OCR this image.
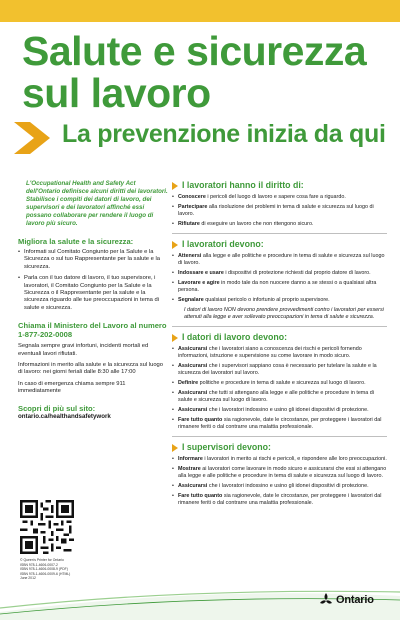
Salute e sicurezza
sul lavoro
La prevenzione inizia da qui

L'Occupational Health and Safety Act dell'Ontario definisce alcuni diritti dei lavoratori. Stabilisce i compiti dei datori di lavoro, dei supervisori e dei lavoratori affinché essi possano collaborare per rendere il luogo di lavoro più sicuro.

Migliora la salute e la sicurezza:
• Informati sul Comitato Congiunto per la Salute e la Sicurezza o sul tuo Rappresentante per la salute e la sicurezza.
• Parla con il tuo datore di lavoro, il tuo supervisore, i lavoratori, il Comitato Congiunto per la Salute e la Sicurezza o il Rappresentante per la salute e la sicurezza riguardo alle tue preoccupazioni in tema di salute e sicurezza.
Chiama il Ministero del Lavoro al numero 1-877-202-0008

Segnala sempre gravi infortuni, incidenti mortali ed eventuali lavori rifiutati.

Informazioni in merito alla salute e la sicurezza sul luogo di lavoro: nei giorni feriali dalle 8:30 alle 17:00

In caso di emergenza chiama sempre 911 immediatamente

Scopri di più sul sito:
ontario.ca/healthandsafetywork
© Queen's Printer for Ontario
ISBN 978-1-4606-0007-2
ISBN 978-1-4606-0008-9 (PDF)
ISBN 978-1-4606-0009-6 (HTML)
June 2012
I lavoratori hanno il diritto di:
• Conoscere i pericoli del luogo di lavoro e sapere cosa fare a riguardo.
• Partecipare alla risoluzione dei problemi in tema di salute e sicurezza sul luogo di lavoro.
• Rifiutare di eseguire un lavoro che non ritengono sicuro.
I lavoratori devono:
• Attenersi alla legge e alle politiche e procedure in tema di salute e sicurezza sul luogo di lavoro.
• Indossare e usare i dispositivi di protezione richiesti dal proprio datore di lavoro.
• Lavorare e agire in modo tale da non nuocere danno a se stessi o a qualsiasi altra persona.
• Segnalare qualsiasi pericolo o infortunio al proprio supervisore.

I datori di lavoro NON devono prendere provvedimenti contro i lavoratori per essersi attenuti alla legge e aver sollevato preoccupazioni in tema di salute e sicurezza.

I datori di lavoro devono:
• Assicurarsi che i lavoratori siano a conoscenza dei rischi e pericoli fornendo informazioni, istruzione e supervisione su come lavorare in modo sicuro.
• Assicurarsi che i supervisori sappiano cosa è necessario per tutelare la salute e la sicurezza dei lavoratori sul lavoro.
• Definire politiche e procedure in tema di salute e sicurezza sul luogo di lavoro.
• Assicurarsi che tutti si attengano alla legge e alle politiche e procedure in tema di salute e sicurezza sul luogo di lavoro.
• Assicurarsi che i lavoratori indossino e usino gli idonei dispositivi di protezione.
• Fare tutto quanto sia ragionevole, date le circostanze, per proteggere i lavoratori dal rimanere feriti o dal contrarre una malattia professionale.
I supervisori devono:
• Informare i lavoratori in merito ai rischi e pericoli, e rispondere alle loro preoccupazioni.
• Mostrare ai lavoratori come lavorare in modo sicuro e assicurarsi che essi si attengano alla legge e alle politiche e procedure in tema di salute e sicurezza sul luogo di lavoro.
• Assicurarsi che i lavoratori indossino e usino gli idonei dispositivi di protezione.
• Fare tutto quanto sia ragionevole, date le circostanze, per proteggere i lavoratori dal rimanere feriti o dal contrarre una malattia professionale.
Ontario
